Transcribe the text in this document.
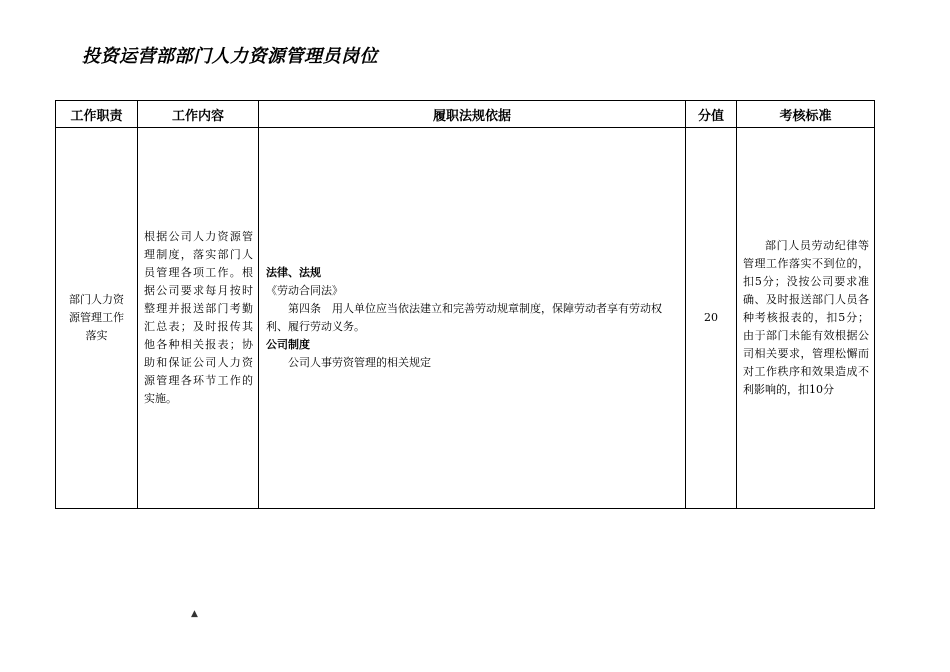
投资运营部部门人力资源管理员岗位
工作职责	工作内容	履职法规依据	分值	考核标准
部门人力资源管理工作落实	根据公司人力资源管理制度，落实部门人员管理各项工作。根据公司要求每月按时整理并报送部门考勤汇总表；及时报传其他各种相关报表；协助和保证公司人力资源管理各环节工作的实施。	法律、法规
《劳动合同法》
第四条　用人单位应当依法建立和完善劳动规章制度，保障劳动者享有劳动权利、履行劳动义务。
公司制度
公司人事劳资管理的相关规定	20	部门人员劳动纪律等管理工作落实不到位的，扣5分；没按公司要求准确、及时报送部门人员各种考核报表的，扣5分；由于部门未能有效根据公司相关要求，管理松懈而对工作秩序和效果造成不利影响的，扣10分
▲
